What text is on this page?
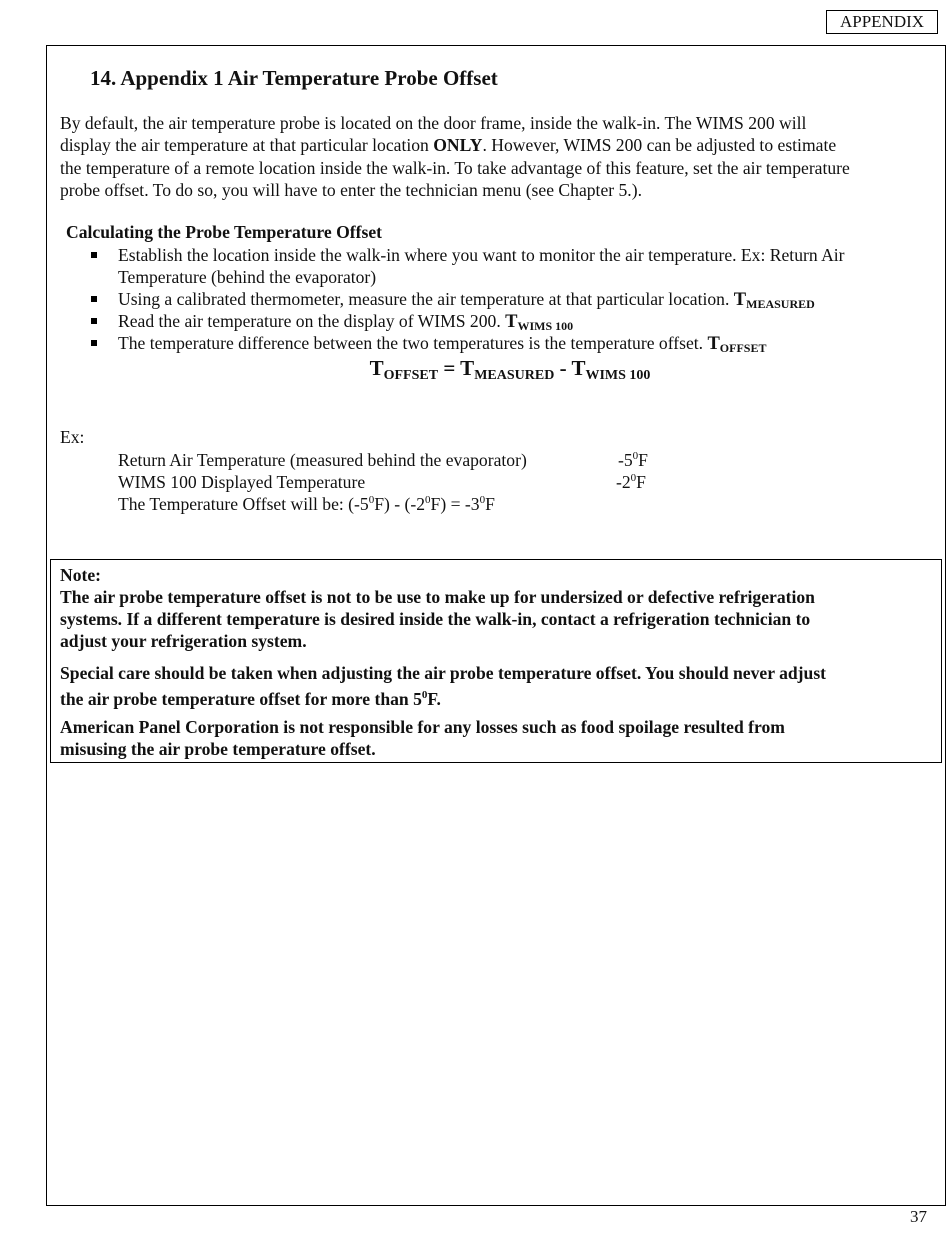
APPENDIX
14. Appendix 1 Air Temperature Probe Offset
By default, the air temperature probe is located on the door frame, inside the walk-in. The WIMS 200 will
display the air temperature at that particular location ONLY. However, WIMS 200 can be adjusted to estimate
the temperature of a remote location inside the walk-in. To take advantage of this feature, set the air temperature
probe offset. To do so, you will have to enter the technician menu (see Chapter 5.).
Calculating the Probe Temperature Offset
Establish the location inside the walk-in where you want to monitor the air temperature. Ex: Return Air
Temperature (behind the evaporator)
Using a calibrated thermometer, measure the air temperature at that particular location. $T_{MEASURED}$
Read the air temperature on the display of WIMS 200. $T_{WIMS 100}$
The temperature difference between the two temperatures is the temperature offset. $T_{OFFSET}$
$T_{OFFSET} = T_{MEASURED} - T_{WIMS 100}$
Ex:
Return Air Temperature (measured behind the evaporator)	$-5^0F$
WIMS 100 Displayed Temperature	$-2^0F$
The Temperature Offset will be: $(-5^0F) - (-2^0F) = -3^0F$
Note:
The air probe temperature offset is not to be use to make up for undersized or defective refrigeration
systems. If a different temperature is desired inside the walk-in, contact a refrigeration technician to
adjust your refrigeration system.
Special care should be taken when adjusting the air probe temperature offset. You should never adjust
the air probe temperature offset for more than $5^0F$.
American Panel Corporation is not responsible for any losses such as food spoilage resulted from
misusing the air probe temperature offset.
37
